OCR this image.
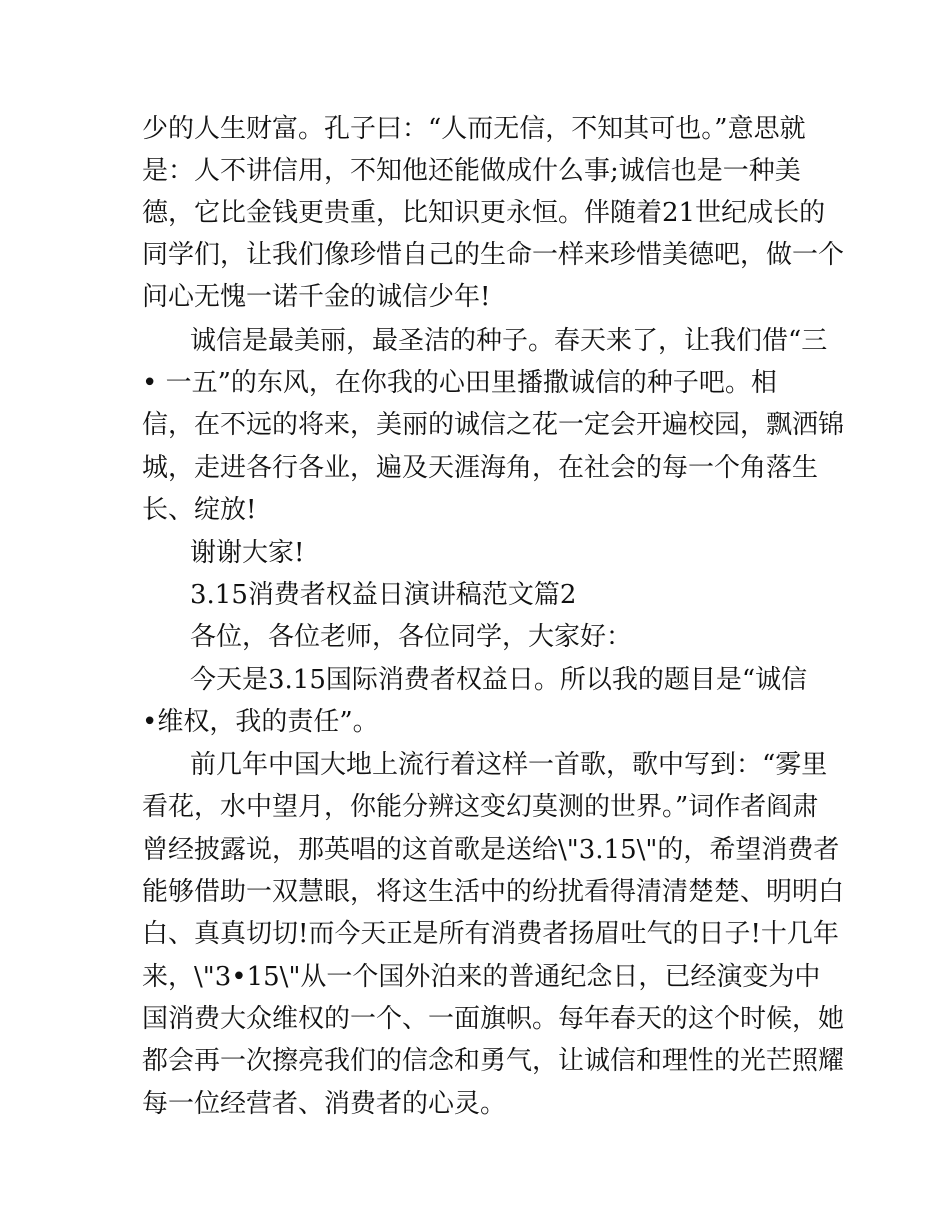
少的人生财富。孔子曰：“人而无信，不知其可也。”意思就
是：人不讲信用，不知他还能做成什么事;诚信也是一种美
德，它比金钱更贵重，比知识更永恒。伴随着21世纪成长的
同学们，让我们像珍惜自己的生命一样来珍惜美德吧，做一个
问心无愧一诺千金的诚信少年!
诚信是最美丽，最圣洁的种子。春天来了，让我们借“三
• 一五”的东风，在你我的心田里播撒诚信的种子吧。相
信，在不远的将来，美丽的诚信之花一定会开遍校园，飘洒锦
城，走进各行各业，遍及天涯海角，在社会的每一个角落生
长、绽放!
谢谢大家!
3.15消费者权益日演讲稿范文篇2
各位，各位老师，各位同学，大家好：
今天是3.15国际消费者权益日。所以我的题目是“诚信
•维权，我的责任”。
前几年中国大地上流行着这样一首歌，歌中写到：“雾里
看花，水中望月，你能分辨这变幻莫测的世界。”词作者阎肃
曾经披露说，那英唱的这首歌是送给\"3.15\"的，希望消费者
能够借助一双慧眼，将这生活中的纷扰看得清清楚楚、明明白
白、真真切切!而今天正是所有消费者扬眉吐气的日子!十几年
来，\"3•15\"从一个国外泊来的普通纪念日，已经演变为中
国消费大众维权的一个、一面旗帜。每年春天的这个时候，她
都会再一次擦亮我们的信念和勇气，让诚信和理性的光芒照耀
每一位经营者、消费者的心灵。
